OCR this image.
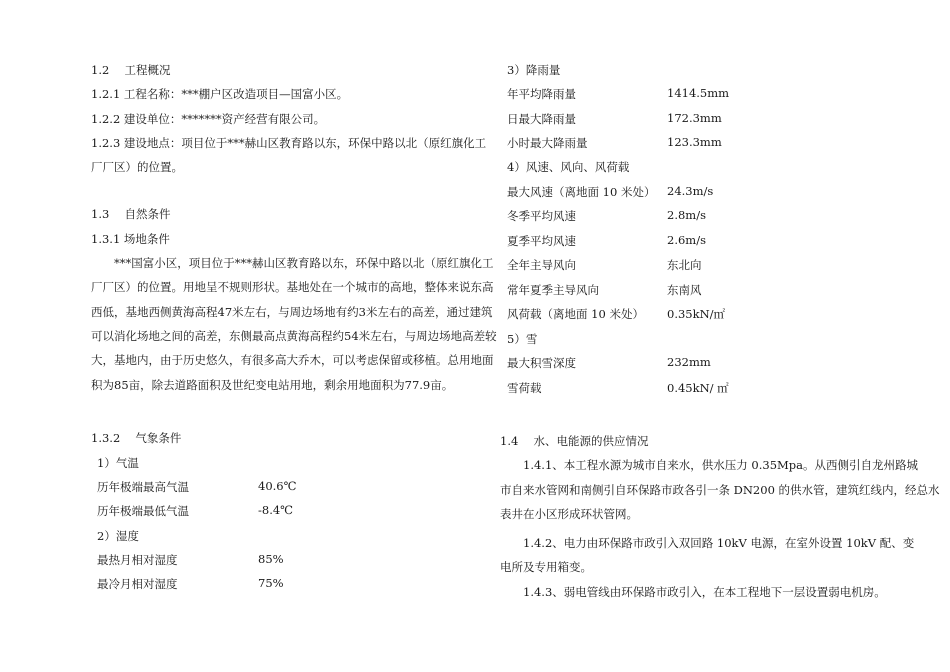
1.2　 工程概况
1.2.1 工程名称：***棚户区改造项目—国富小区。
1.2.2 建设单位：*******资产经营有限公司。
1.2.3 建设地点：项目位于***赫山区教育路以东，环保中路以北（原红旗化工
厂厂区）的位置。
1.3　 自然条件
1.3.1 场地条件
　　***国富小区，项目位于***赫山区教育路以东，环保中路以北（原红旗化工
厂厂区）的位置。用地呈不规则形状。基地处在一个城市的高地，整体来说东高
西低，基地西侧黄海高程47米左右，与周边场地有约3米左右的高差，通过建筑
可以消化场地之间的高差，东侧最高点黄海高程约54米左右，与周边场地高差较
大，基地内，由于历史悠久，有很多高大乔木，可以考虑保留或移植。总用地面
积为85亩，除去道路面积及世纪变电站用地，剩余用地面积为77.9亩。
1.3.2　 气象条件
1）气温
历年极端最高气温	40.6℃
历年极端最低气温	-8.4℃
2）湿度
最热月相对湿度	85%
最冷月相对湿度	75%
3）降雨量
年平均降雨量	1414.5mm
日最大降雨量	172.3mm
小时最大降雨量	123.3mm
4）风速、风向、风荷载
最大风速（离地面 10 米处） 24.3m/s
冬季平均风速	2.8m/s
夏季平均风速	2.6m/s
全年主导风向	东北向
常年夏季主导风向	东南风
风荷载（离地面 10 米处） 0.35kN/㎡
5）雪
最大积雪深度	232mm
雪荷载	0.45kN/ ㎡
1.4　 水、电能源的供应情况
　　1.4.1、本工程水源为城市自来水，供水压力 0.35Mpa。从西侧引自龙州路城
市自来水管网和南侧引自环保路市政各引一条 DN200 的供水管，建筑红线内，经总水
表井在小区形成环状管网。
　　1.4.2、电力由环保路市政引入双回路 10kV 电源，在室外设置 10kV 配、变
电所及专用箱变。
　　1.4.3、弱电管线由环保路市政引入，在本工程地下一层设置弱电机房。
